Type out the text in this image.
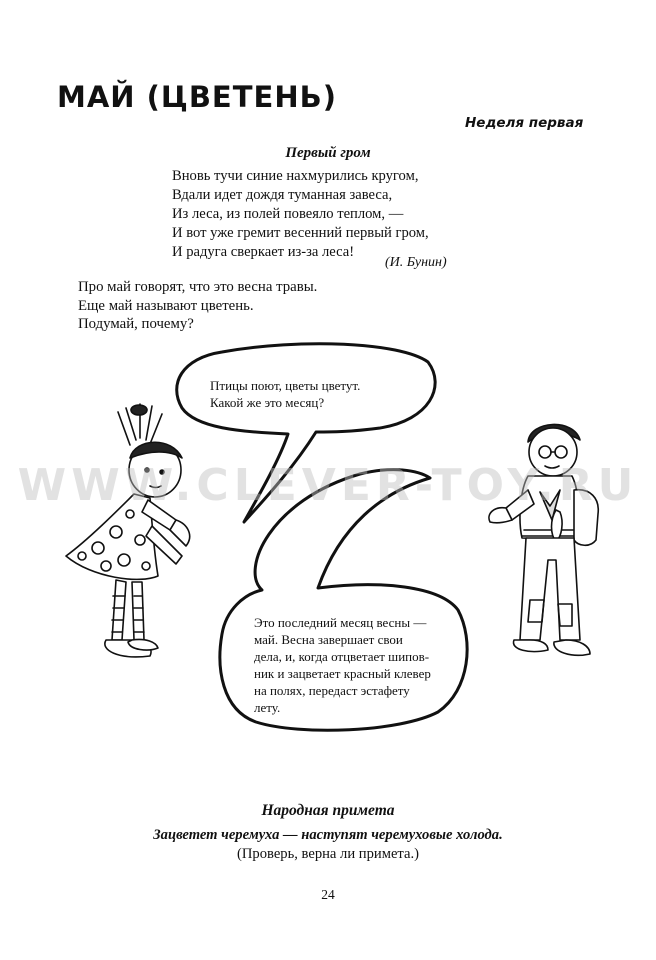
МАЙ (ЦВЕТЕНЬ)
Неделя первая
Первый гром
Вновь тучи синие нахмурились кругом,
Вдали идет дождя туманная завеса,
Из леса, из полей повеяло теплом, —
И вот уже гремит весенний первый гром,
И радуга сверкает из-за леса!
(И. Бунин)
Про май говорят, что это весна травы.
Еще май называют цветень.
Подумай, почему?
WWW.CLEVER-TOY.RU
Птицы поют, цветы цветут.
Какой же это месяц?
Это последний месяц весны —
май. Весна завершает свои
дела, и, когда отцветает шипов-
ник и зацветает красный клевер
на полях, передаст эстафету
лету.
Народная примета
Зацветет черемуха — наступят черемуховые холода.
(Проверь, верна ли примета.)
24
